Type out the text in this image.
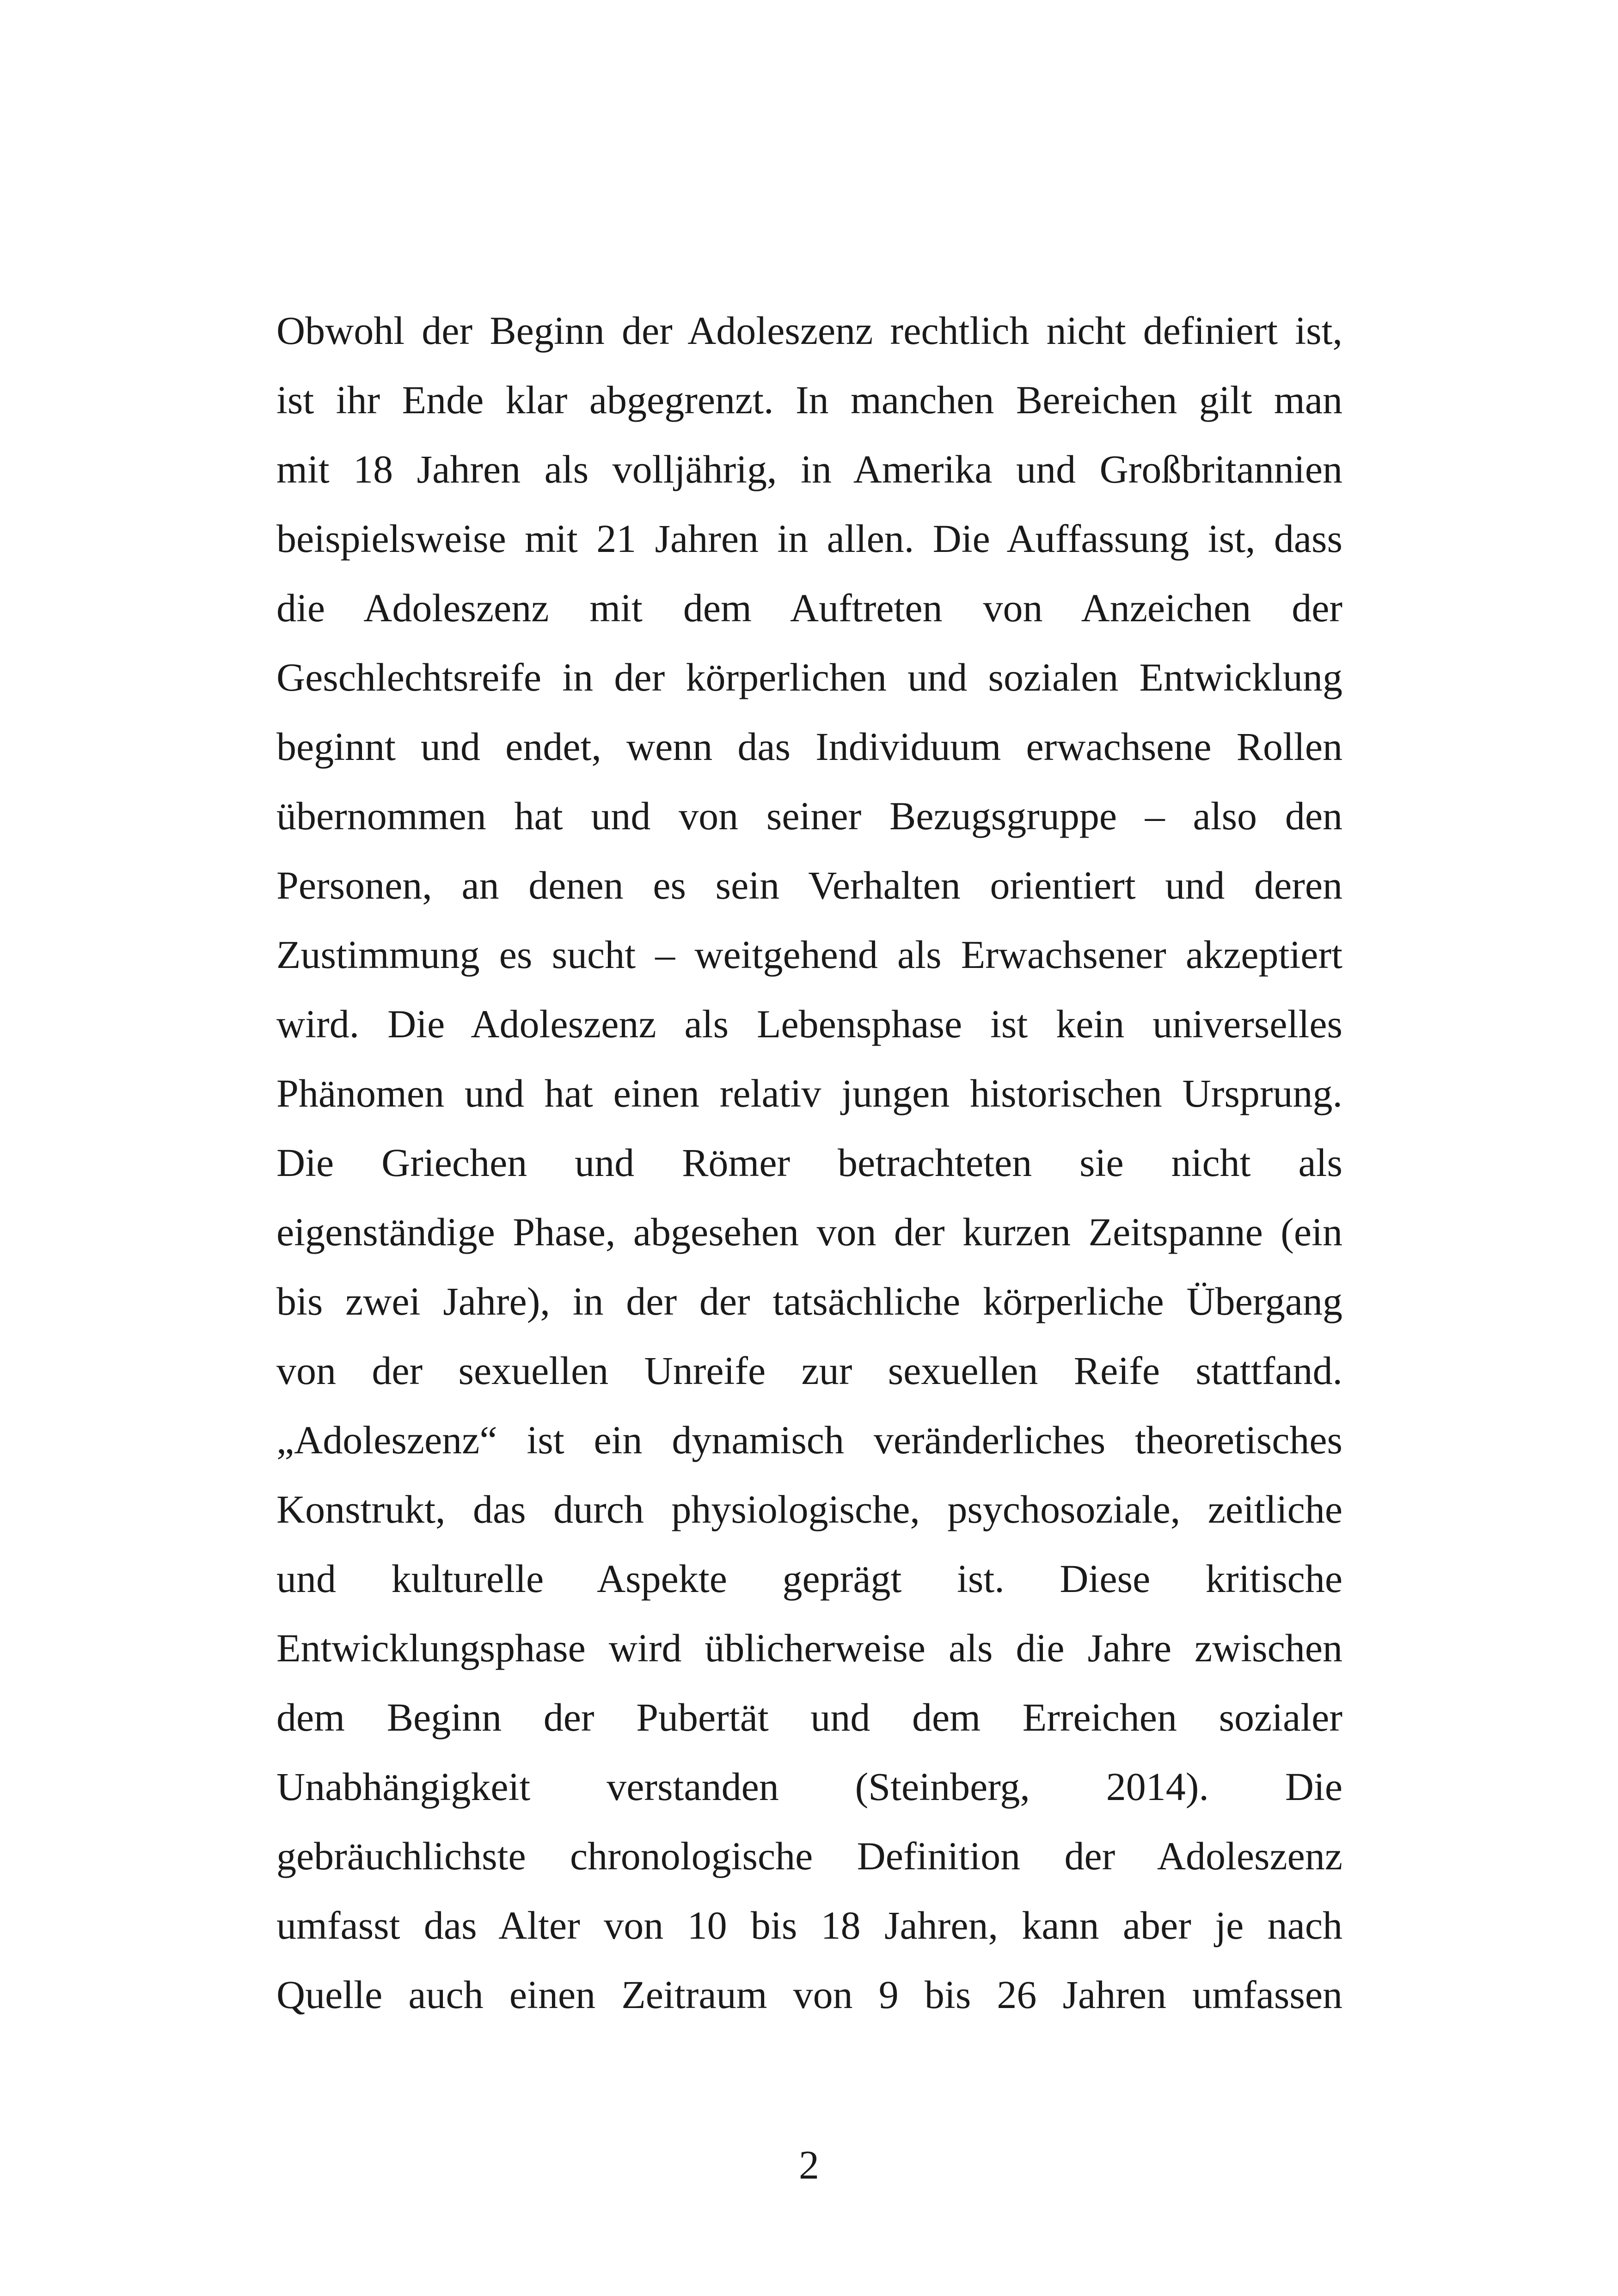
Obwohl der Beginn der Adoleszenz rechtlich nicht definiert ist,
ist ihr Ende klar abgegrenzt. In manchen Bereichen gilt man
mit 18 Jahren als volljährig, in Amerika und Großbritannien
beispielsweise mit 21 Jahren in allen. Die Auffassung ist, dass
die Adoleszenz mit dem Auftreten von Anzeichen der
Geschlechtsreife in der körperlichen und sozialen Entwicklung
beginnt und endet, wenn das Individuum erwachsene Rollen
übernommen hat und von seiner Bezugsgruppe – also den
Personen, an denen es sein Verhalten orientiert und deren
Zustimmung es sucht – weitgehend als Erwachsener akzeptiert
wird. Die Adoleszenz als Lebensphase ist kein universelles
Phänomen und hat einen relativ jungen historischen Ursprung.
Die Griechen und Römer betrachteten sie nicht als
eigenständige Phase, abgesehen von der kurzen Zeitspanne (ein
bis zwei Jahre), in der der tatsächliche körperliche Übergang
von der sexuellen Unreife zur sexuellen Reife stattfand.
„Adoleszenz“ ist ein dynamisch veränderliches theoretisches
Konstrukt, das durch physiologische, psychosoziale, zeitliche
und kulturelle Aspekte geprägt ist. Diese kritische
Entwicklungsphase wird üblicherweise als die Jahre zwischen
dem Beginn der Pubertät und dem Erreichen sozialer
Unabhängigkeit verstanden (Steinberg, 2014). Die
gebräuchlichste chronologische Definition der Adoleszenz
umfasst das Alter von 10 bis 18 Jahren, kann aber je nach
Quelle auch einen Zeitraum von 9 bis 26 Jahren umfassen
2
